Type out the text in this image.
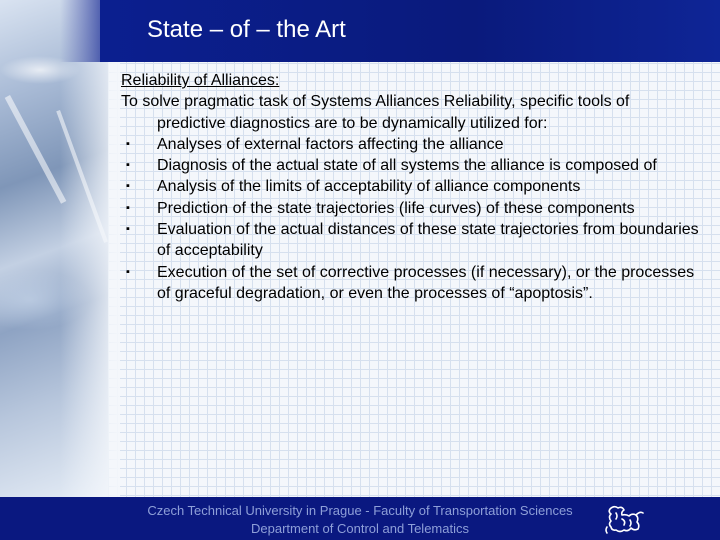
State – of – the Art
Reliability of Alliances:
To solve pragmatic task of Systems Alliances Reliability, specific tools of predictive diagnostics are to be dynamically utilized for:
▪	Analyses of external factors affecting the alliance
▪	Diagnosis of the actual state of all systems the alliance is composed of
▪	Analysis of the limits of acceptability of alliance components
▪	Prediction of the state trajectories (life curves) of these components
▪	Evaluation of the actual distances of these state trajectories from boundaries of acceptability
▪	Execution of the set of corrective processes (if necessary), or the processes of graceful degradation, or even the processes of “apoptosis”.
Czech Technical University in Prague - Faculty of Transportation Sciences
Department of Control and Telematics
